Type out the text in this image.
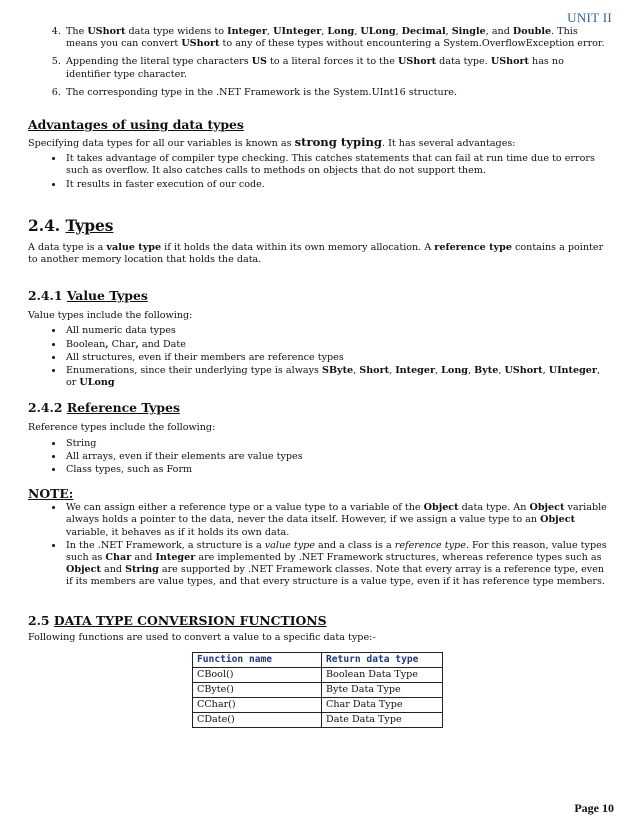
UNIT II
4. The UShort data type widens to Integer, UInteger, Long, ULong, Decimal, Single, and Double. This means you can convert UShort to any of these types without encountering a System.OverflowException error.
5. Appending the literal type characters US to a literal forces it to the UShort data type. UShort has no identifier type character.
6. The corresponding type in the .NET Framework is the System.UInt16 structure.
Advantages of using data types

Specifying data types for all our variables is known as strong typing. It has several advantages:

• It takes advantage of compiler type checking. This catches statements that can fail at run time due to errors such as overflow. It also catches calls to methods on objects that do not support them.
• It results in faster execution of our code.
2.4. Types

A data type is a value type if it holds the data within its own memory allocation. A reference type contains a pointer to another memory location that holds the data.

2.4.1 Value Types

Value types include the following:

• All numeric data types
• Boolean, Char, and Date
• All structures, even if their members are reference types
• Enumerations, since their underlying type is always SByte, Short, Integer, Long, Byte, UShort, UInteger, or ULong
2.4.2 Reference Types

Reference types include the following:

• String
• All arrays, even if their elements are value types
• Class types, such as Form
NOTE:
• We can assign either a reference type or a value type to a variable of the Object data type. An Object variable always holds a pointer to the data, never the data itself. However, if we assign a value type to an Object variable, it behaves as if it holds its own data.
• In the .NET Framework, a structure is a value type and a class is a reference type. For this reason, value types such as Char and Integer are implemented by .NET Framework structures, whereas reference types such as Object and String are supported by .NET Framework classes. Note that every array is a reference type, even if its members are value types, and that every structure is a value type, even if it has reference type members.
2.5 DATA TYPE CONVERSION FUNCTIONS

Following functions are used to convert a value to a specific data type:-

Function name	Return data type
CBool()	Boolean Data Type
CByte()	Byte Data Type
CChar()	Char Data Type
CDate()	Date Data Type
Page 10
